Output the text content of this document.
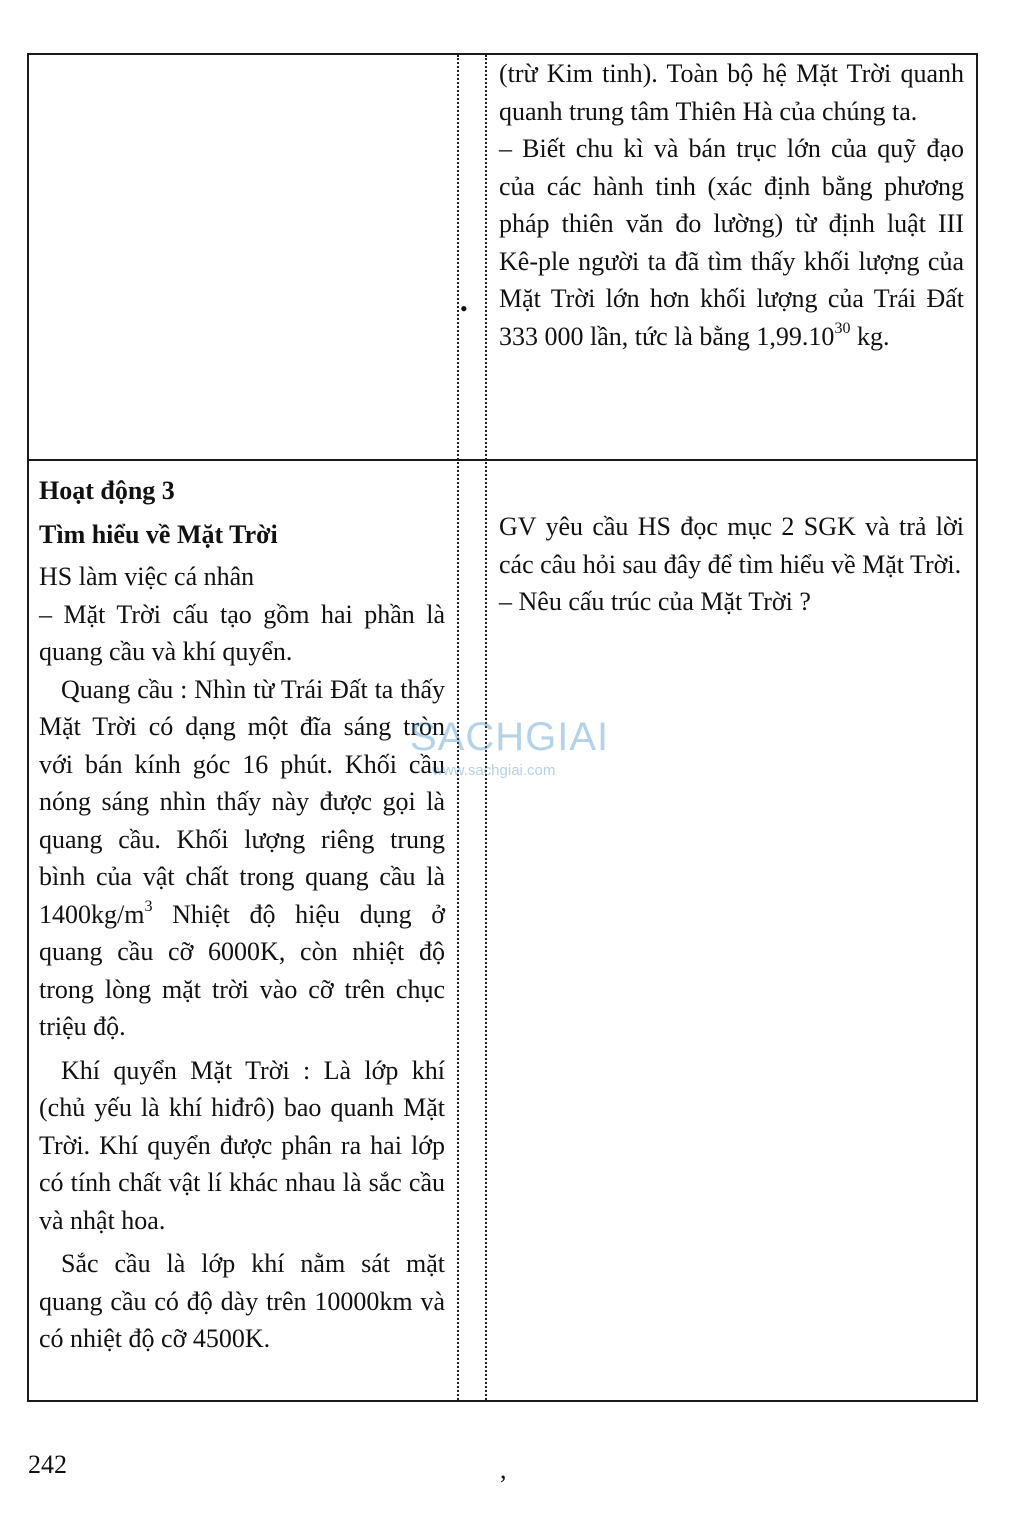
•

(trừ Kim tinh). Toàn bộ hệ Mặt Trời quanh quanh trung tâm Thiên Hà của chúng ta.

– Biết chu kì và bán trục lớn của quỹ đạo của các hành tinh (xác định bằng phương pháp thiên văn đo lường) từ định luật III Kê-ple người ta đã tìm thấy khối lượng của Mặt Trời lớn hơn khối lượng của Trái Đất 333 000 lần, tức là bằng 1,99.10$^{30}$ kg.

Hoạt động 3

Tìm hiểu về Mặt Trời

HS làm việc cá nhân

– Mặt Trời cấu tạo gồm hai phần là quang cầu và khí quyển.

Quang cầu : Nhìn từ Trái Đất ta thấy Mặt Trời có dạng một đĩa sáng tròn với bán kính góc 16 phút. Khối cầu nóng sáng nhìn thấy này được gọi là quang cầu. Khối lượng riêng trung bình của vật chất trong quang cầu là $1400kg/m^3$ Nhiệt độ hiệu dụng ở quang cầu cỡ 6000K, còn nhiệt độ trong lòng mặt trời vào cỡ trên chục triệu độ.

Khí quyển Mặt Trời : Là lớp khí (chủ yếu là khí hiđrô) bao quanh Mặt Trời. Khí quyển được phân ra hai lớp có tính chất vật lí khác nhau là sắc cầu và nhật hoa.

Sắc cầu là lớp khí nằm sát mặt quang cầu có độ dày trên 10000km và có nhiệt độ cỡ 4500K.

GV yêu cầu HS đọc mục 2 SGK và trả lời các câu hỏi sau đây để tìm hiểu về Mặt Trời.

– Nêu cấu trúc của Mặt Trời ?

SACHGIAI
www.sachgiai.com
242	,
